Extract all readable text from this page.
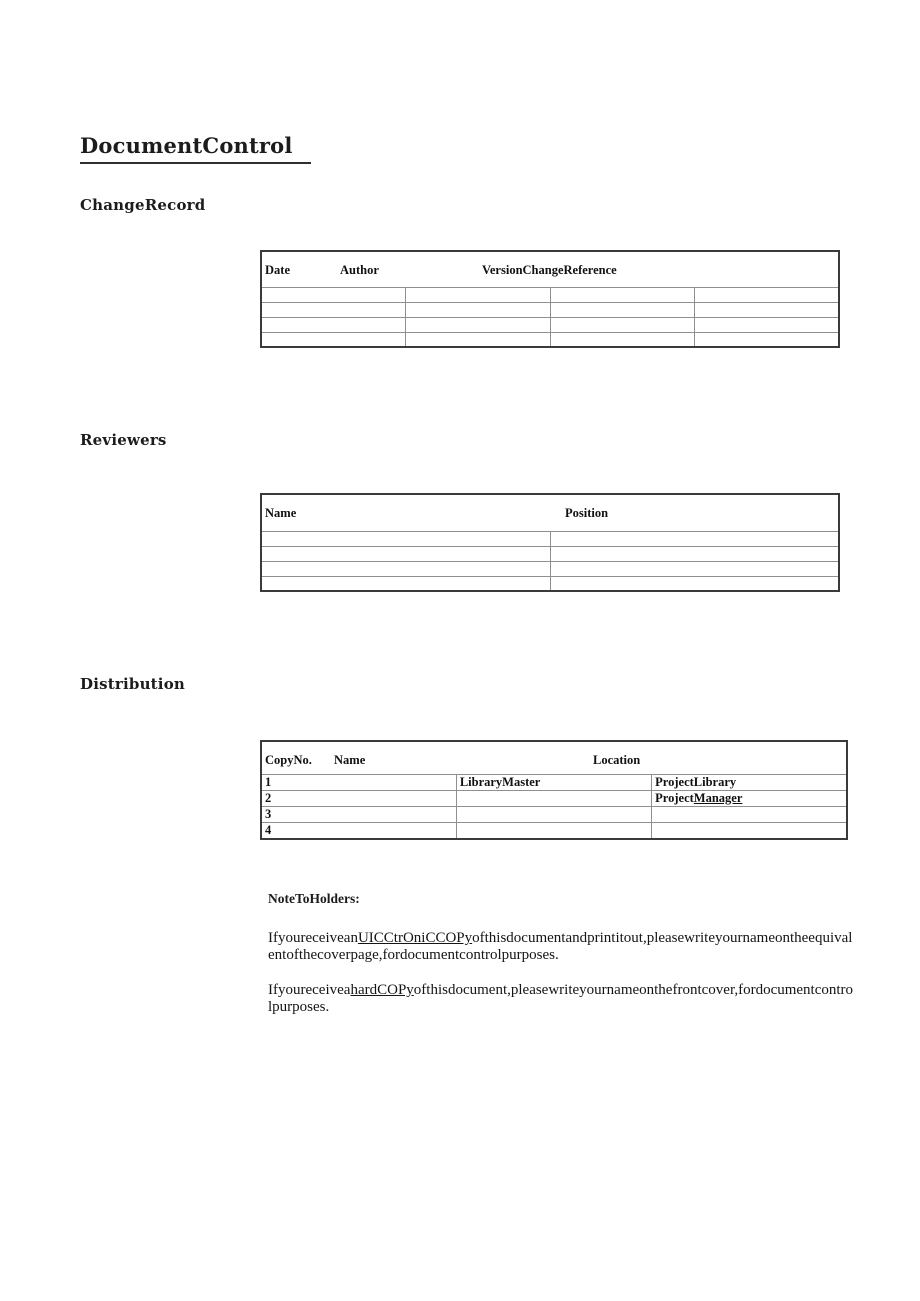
DocumentControl
ChangeRecord
Date Author VersionChangeReference			

Reviewers
Name Position	

Distribution
CopyNo. Name Location		

1	LibraryMaster	ProjectLibrary
2		ProjectManager
3		
4		
NoteToHolders:

IfyoureceiveanUICCtrOniCCOPyofthisdocumentandprintitout,pleasewriteyournameontheequivalentofthecoverpage,fordocumentcontrolpurposes.

IfyoureceiveahardCOPyofthisdocument,pleasewriteyournameonthefrontcover,fordocumentcontrolpurposes.
